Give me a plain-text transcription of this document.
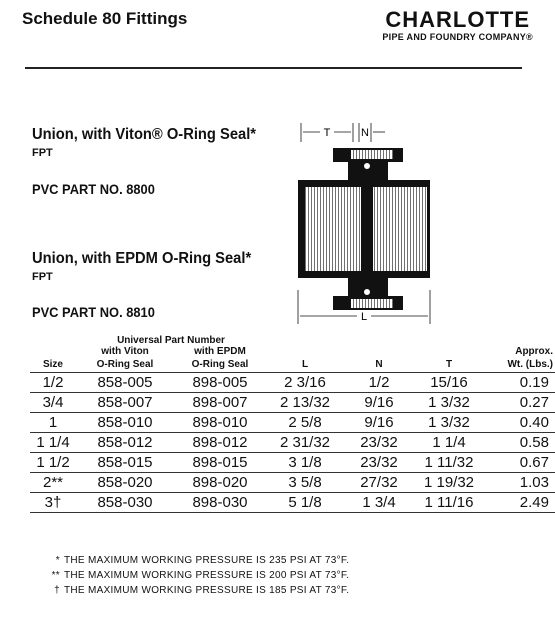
Schedule 80 Fittings	CHARLOTTE
PIPE AND FOUNDRY COMPANY®
Union, with Viton® O-Ring Seal*
FPT
PVC PART NO. 8800
Union, with EPDM O-Ring Seal*
FPT
PVC PART NO. 8810
T	N
L
	Universal Part Number					
	with Viton	with EPDM				Approx.
Size	O-Ring Seal	O-Ring Seal	L	N	T	Wt. (Lbs.)
1/2	858-005	898-005	2 3/16	1/2	15/16	0.19
3/4	858-007	898-007	2 13/32	9/16	1 3/32	0.27
1	858-010	898-010	2 5/8	9/16	1 3/32	0.40
1 1/4	858-012	898-012	2 31/32	23/32	1 1/4	0.58
1 1/2	858-015	898-015	3 1/8	23/32	1 11/32	0.67
2**	858-020	898-020	3 5/8	27/32	1 19/32	1.03
3†	858-030	898-030	5 1/8	1 3/4	1 11/16	2.49
* THE MAXIMUM WORKING PRESSURE IS 235 PSI AT 73°F.
** THE MAXIMUM WORKING PRESSURE IS 200 PSI AT 73°F.
† THE MAXIMUM WORKING PRESSURE IS 185 PSI AT 73°F.
